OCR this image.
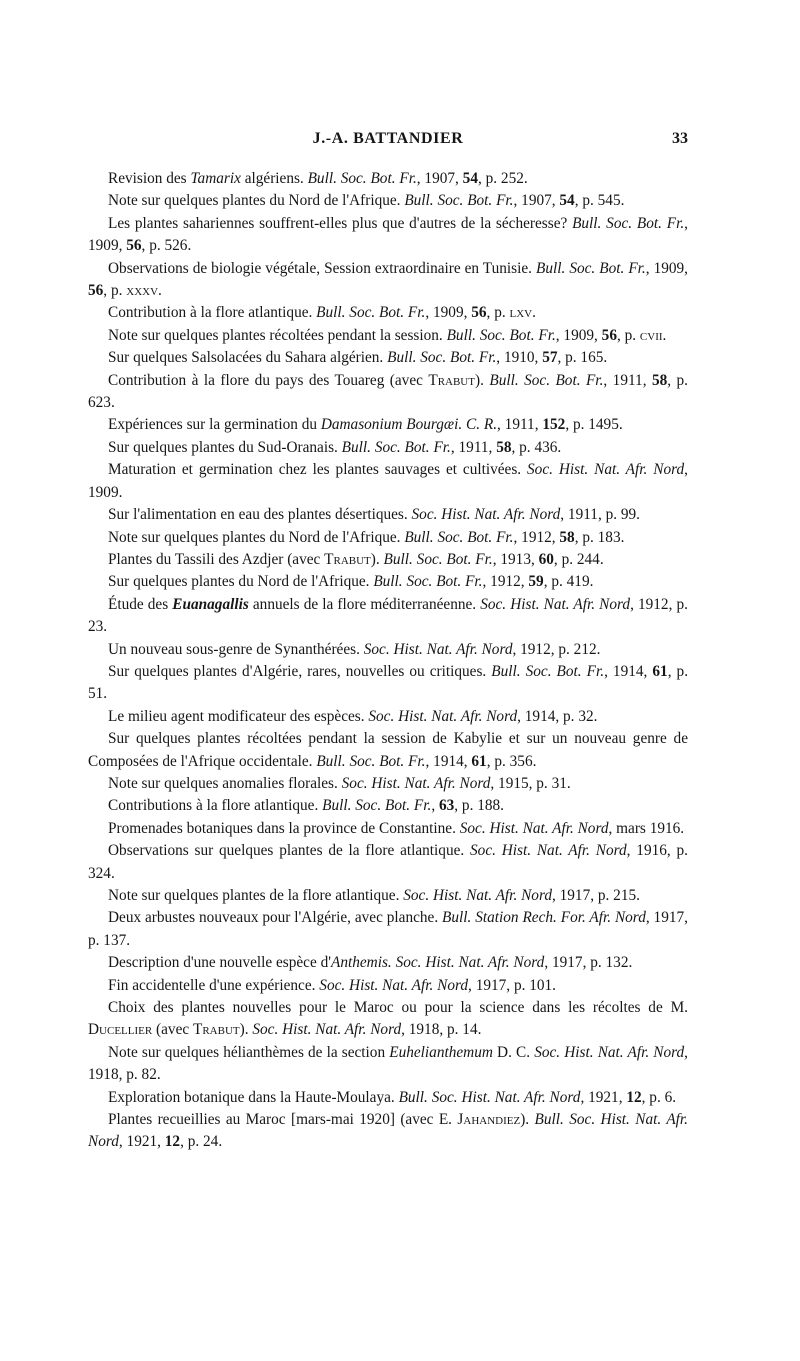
J.-A. BATTANDIER	33

Revision des Tamarix algériens. Bull. Soc. Bot. Fr., 1907, 54, p. 252.

Note sur quelques plantes du Nord de l'Afrique. Bull. Soc. Bot. Fr., 1907, 54, p. 545.

Les plantes sahariennes souffrent-elles plus que d'autres de la sécheresse? Bull. Soc. Bot. Fr., 1909, 56, p. 526.

Observations de biologie végétale, Session extraordinaire en Tunisie. Bull. Soc. Bot. Fr., 1909, 56, p. xxxv.

Contribution à la flore atlantique. Bull. Soc. Bot. Fr., 1909, 56, p. lxv.

Note sur quelques plantes récoltées pendant la session. Bull. Soc. Bot. Fr., 1909, 56, p. cvii.

Sur quelques Salsolacées du Sahara algérien. Bull. Soc. Bot. Fr., 1910, 57, p. 165.

Contribution à la flore du pays des Touareg (avec Trabut). Bull. Soc. Bot. Fr., 1911, 58, p. 623.

Expériences sur la germination du Damasonium Bourgæi. C. R., 1911, 152, p. 1495.

Sur quelques plantes du Sud-Oranais. Bull. Soc. Bot. Fr., 1911, 58, p. 436.

Maturation et germination chez les plantes sauvages et cultivées. Soc. Hist. Nat. Afr. Nord, 1909.

Sur l'alimentation en eau des plantes désertiques. Soc. Hist. Nat. Afr. Nord, 1911, p. 99.

Note sur quelques plantes du Nord de l'Afrique. Bull. Soc. Bot. Fr., 1912, 58, p. 183.

Plantes du Tassili des Azdjer (avec Trabut). Bull. Soc. Bot. Fr., 1913, 60, p. 244.

Sur quelques plantes du Nord de l'Afrique. Bull. Soc. Bot. Fr., 1912, 59, p. 419.

Étude des Euanagallis annuels de la flore méditerranéenne. Soc. Hist. Nat. Afr. Nord, 1912, p. 23.

Un nouveau sous-genre de Synanthérées. Soc. Hist. Nat. Afr. Nord, 1912, p. 212.

Sur quelques plantes d'Algérie, rares, nouvelles ou critiques. Bull. Soc. Bot. Fr., 1914, 61, p. 51.

Le milieu agent modificateur des espèces. Soc. Hist. Nat. Afr. Nord, 1914, p. 32.

Sur quelques plantes récoltées pendant la session de Kabylie et sur un nouveau genre de Composées de l'Afrique occidentale. Bull. Soc. Bot. Fr., 1914, 61, p. 356.

Note sur quelques anomalies florales. Soc. Hist. Nat. Afr. Nord, 1915, p. 31.

Contributions à la flore atlantique. Bull. Soc. Bot. Fr., 63, p. 188.

Promenades botaniques dans la province de Constantine. Soc. Hist. Nat. Afr. Nord, mars 1916.

Observations sur quelques plantes de la flore atlantique. Soc. Hist. Nat. Afr. Nord, 1916, p. 324.

Note sur quelques plantes de la flore atlantique. Soc. Hist. Nat. Afr. Nord, 1917, p. 215.

Deux arbustes nouveaux pour l'Algérie, avec planche. Bull. Station Rech. For. Afr. Nord, 1917, p. 137.

Description d'une nouvelle espèce d'Anthemis. Soc. Hist. Nat. Afr. Nord, 1917, p. 132.

Fin accidentelle d'une expérience. Soc. Hist. Nat. Afr. Nord, 1917, p. 101.

Choix des plantes nouvelles pour le Maroc ou pour la science dans les récoltes de M. Ducellier (avec Trabut). Soc. Hist. Nat. Afr. Nord, 1918, p. 14.

Note sur quelques hélianthèmes de la section Euhelianthemum D. C. Soc. Hist. Nat. Afr. Nord, 1918, p. 82.

Exploration botanique dans la Haute-Moulaya. Bull. Soc. Hist. Nat. Afr. Nord, 1921, 12, p. 6.

Plantes recueillies au Maroc [mars-mai 1920] (avec E. Jahandiez). Bull. Soc. Hist. Nat. Afr. Nord, 1921, 12, p. 24.
